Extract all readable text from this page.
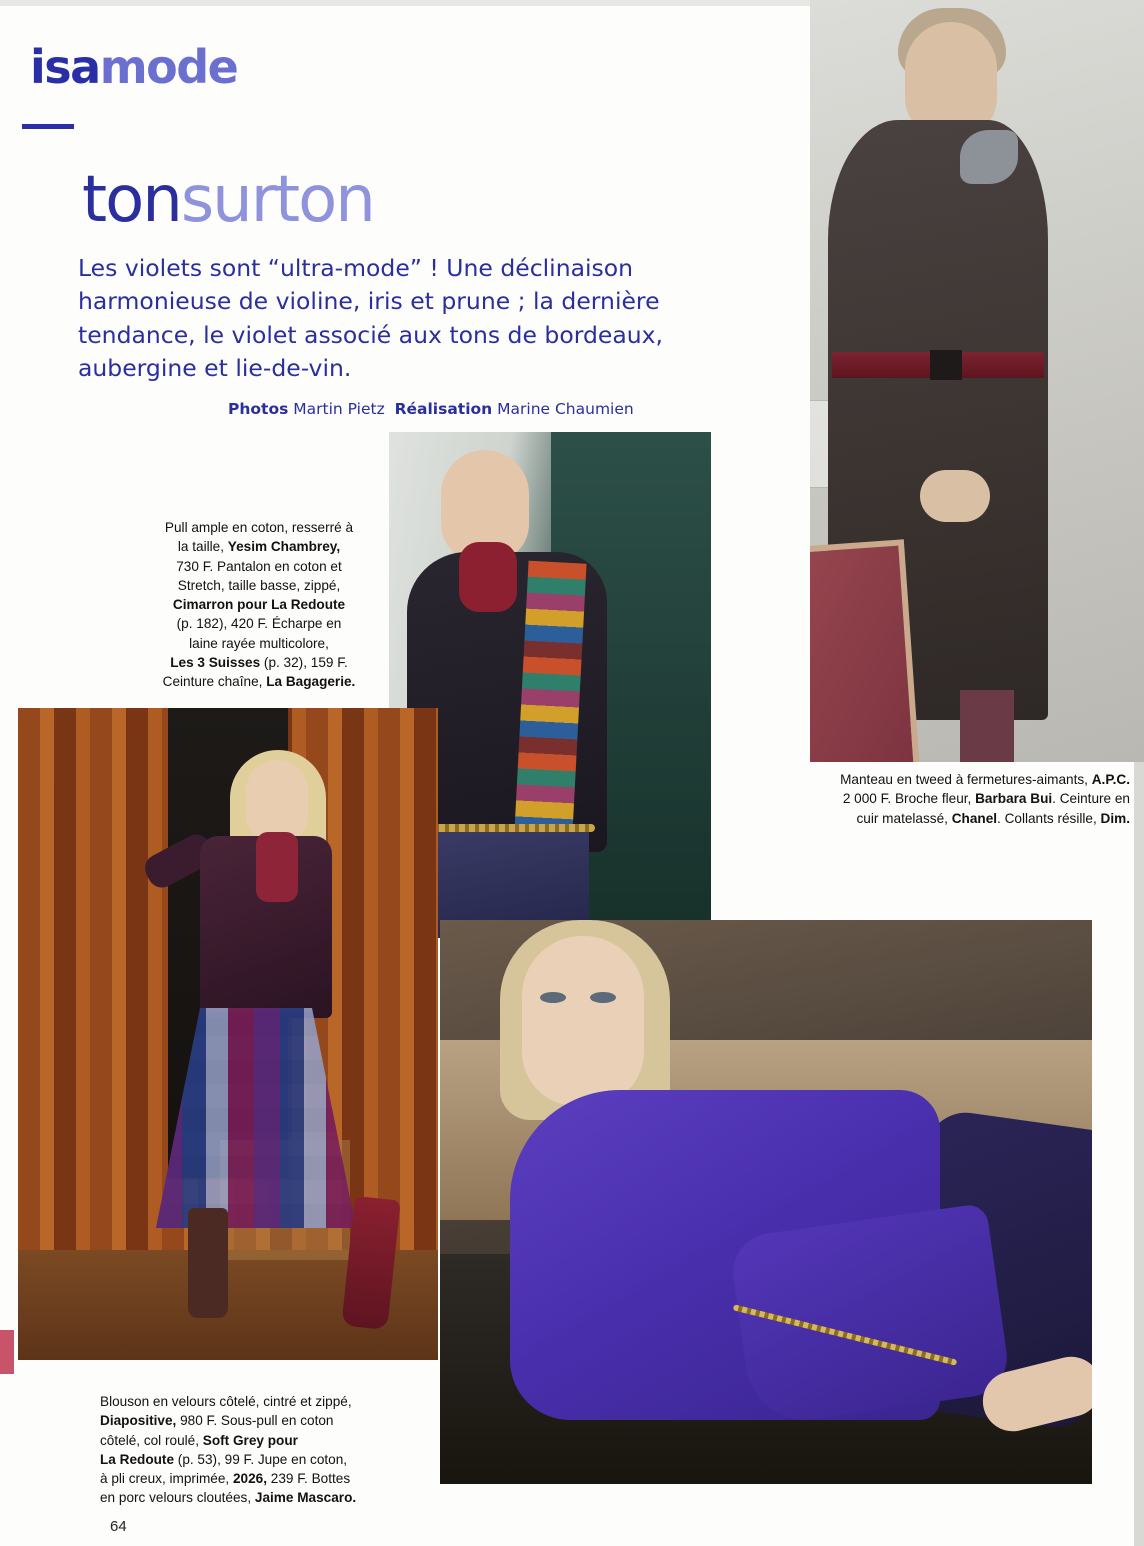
isamode
tonsurton
Les violets sont “ultra-mode” ! Une déclinaison harmonieuse de violine, iris et prune ; la dernière tendance, le violet associé aux tons de bordeaux, aubergine et lie-de-vin.
Photos Martin Pietz Réalisation Marine Chaumien
Pull ample en coton, resserré à
la taille, Yesim Chambrey,
730 F. Pantalon en coton et
Stretch, taille basse, zippé,
Cimarron pour La Redoute
(p. 182), 420 F. Écharpe en
laine rayée multicolore,
Les 3 Suisses (p. 32), 159 F.
Ceinture chaîne, La Bagagerie.
Manteau en tweed à fermetures-aimants, A.P.C.
2 000 F. Broche fleur, Barbara Bui. Ceinture en
cuir matelassé, Chanel. Collants résille, Dim.
Blouson en velours côtelé, cintré et zippé,
Diapositive, 980 F. Sous-pull en coton
côtelé, col roulé, Soft Grey pour
La Redoute (p. 53), 99 F. Jupe en coton,
à pli creux, imprimée, 2026, 239 F. Bottes
en porc velours cloutées, Jaime Mascaro.
64
